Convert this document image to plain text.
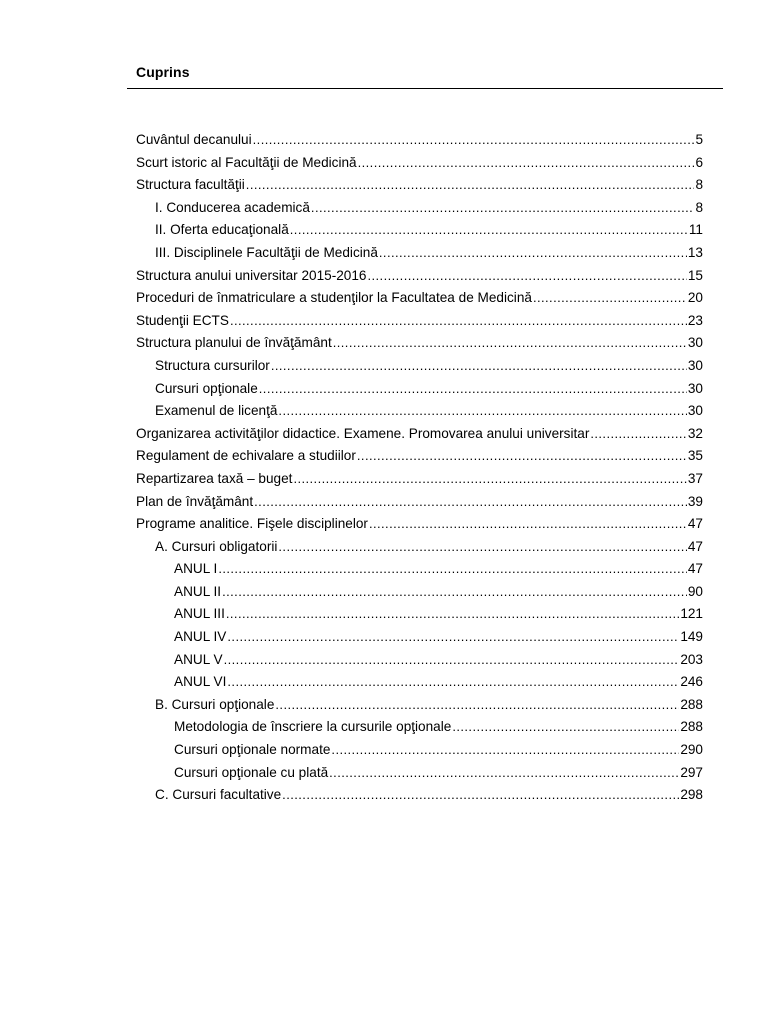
Cuprins
Cuvântul decanului . . .	5
Scurt istoric al Facultăţii de Medicină . . .	6
Structura facultăţii . . .	8
I. Conducerea academică . . .	8
II. Oferta educaţională . . .	11
III. Disciplinele Facultăţii de Medicină . . .	13
Structura anului universitar 2015-2016 . . .	15
Proceduri de înmatriculare a studenţilor la Facultatea de Medicină . . .	20
Studenţii ECTS . . .	23
Structura planului de învăţământ . . .	30
Structura cursurilor . . .	30
Cursuri opţionale . . .	30
Examenul de licenţă . . .	30
Organizarea activităţilor didactice. Examene. Promovarea anului universitar . . .	32
Regulament de echivalare a studiilor . . .	35
Repartizarea taxă – buget . . .	37
Plan de învăţământ . . .	39
Programe analitice. Fişele disciplinelor . . .	47
A. Cursuri obligatorii . . .	47
ANUL I . . .	47
ANUL II . . .	90
ANUL III . . .	121
ANUL IV . . .	149
ANUL V . . .	203
ANUL VI . . .	246
B. Cursuri opţionale . . .	288
Metodologia de înscriere la cursurile opţionale . . .	288
Cursuri opţionale normate . . .	290
Cursuri opţionale cu plată . . .	297
C. Cursuri facultative . . .	298
